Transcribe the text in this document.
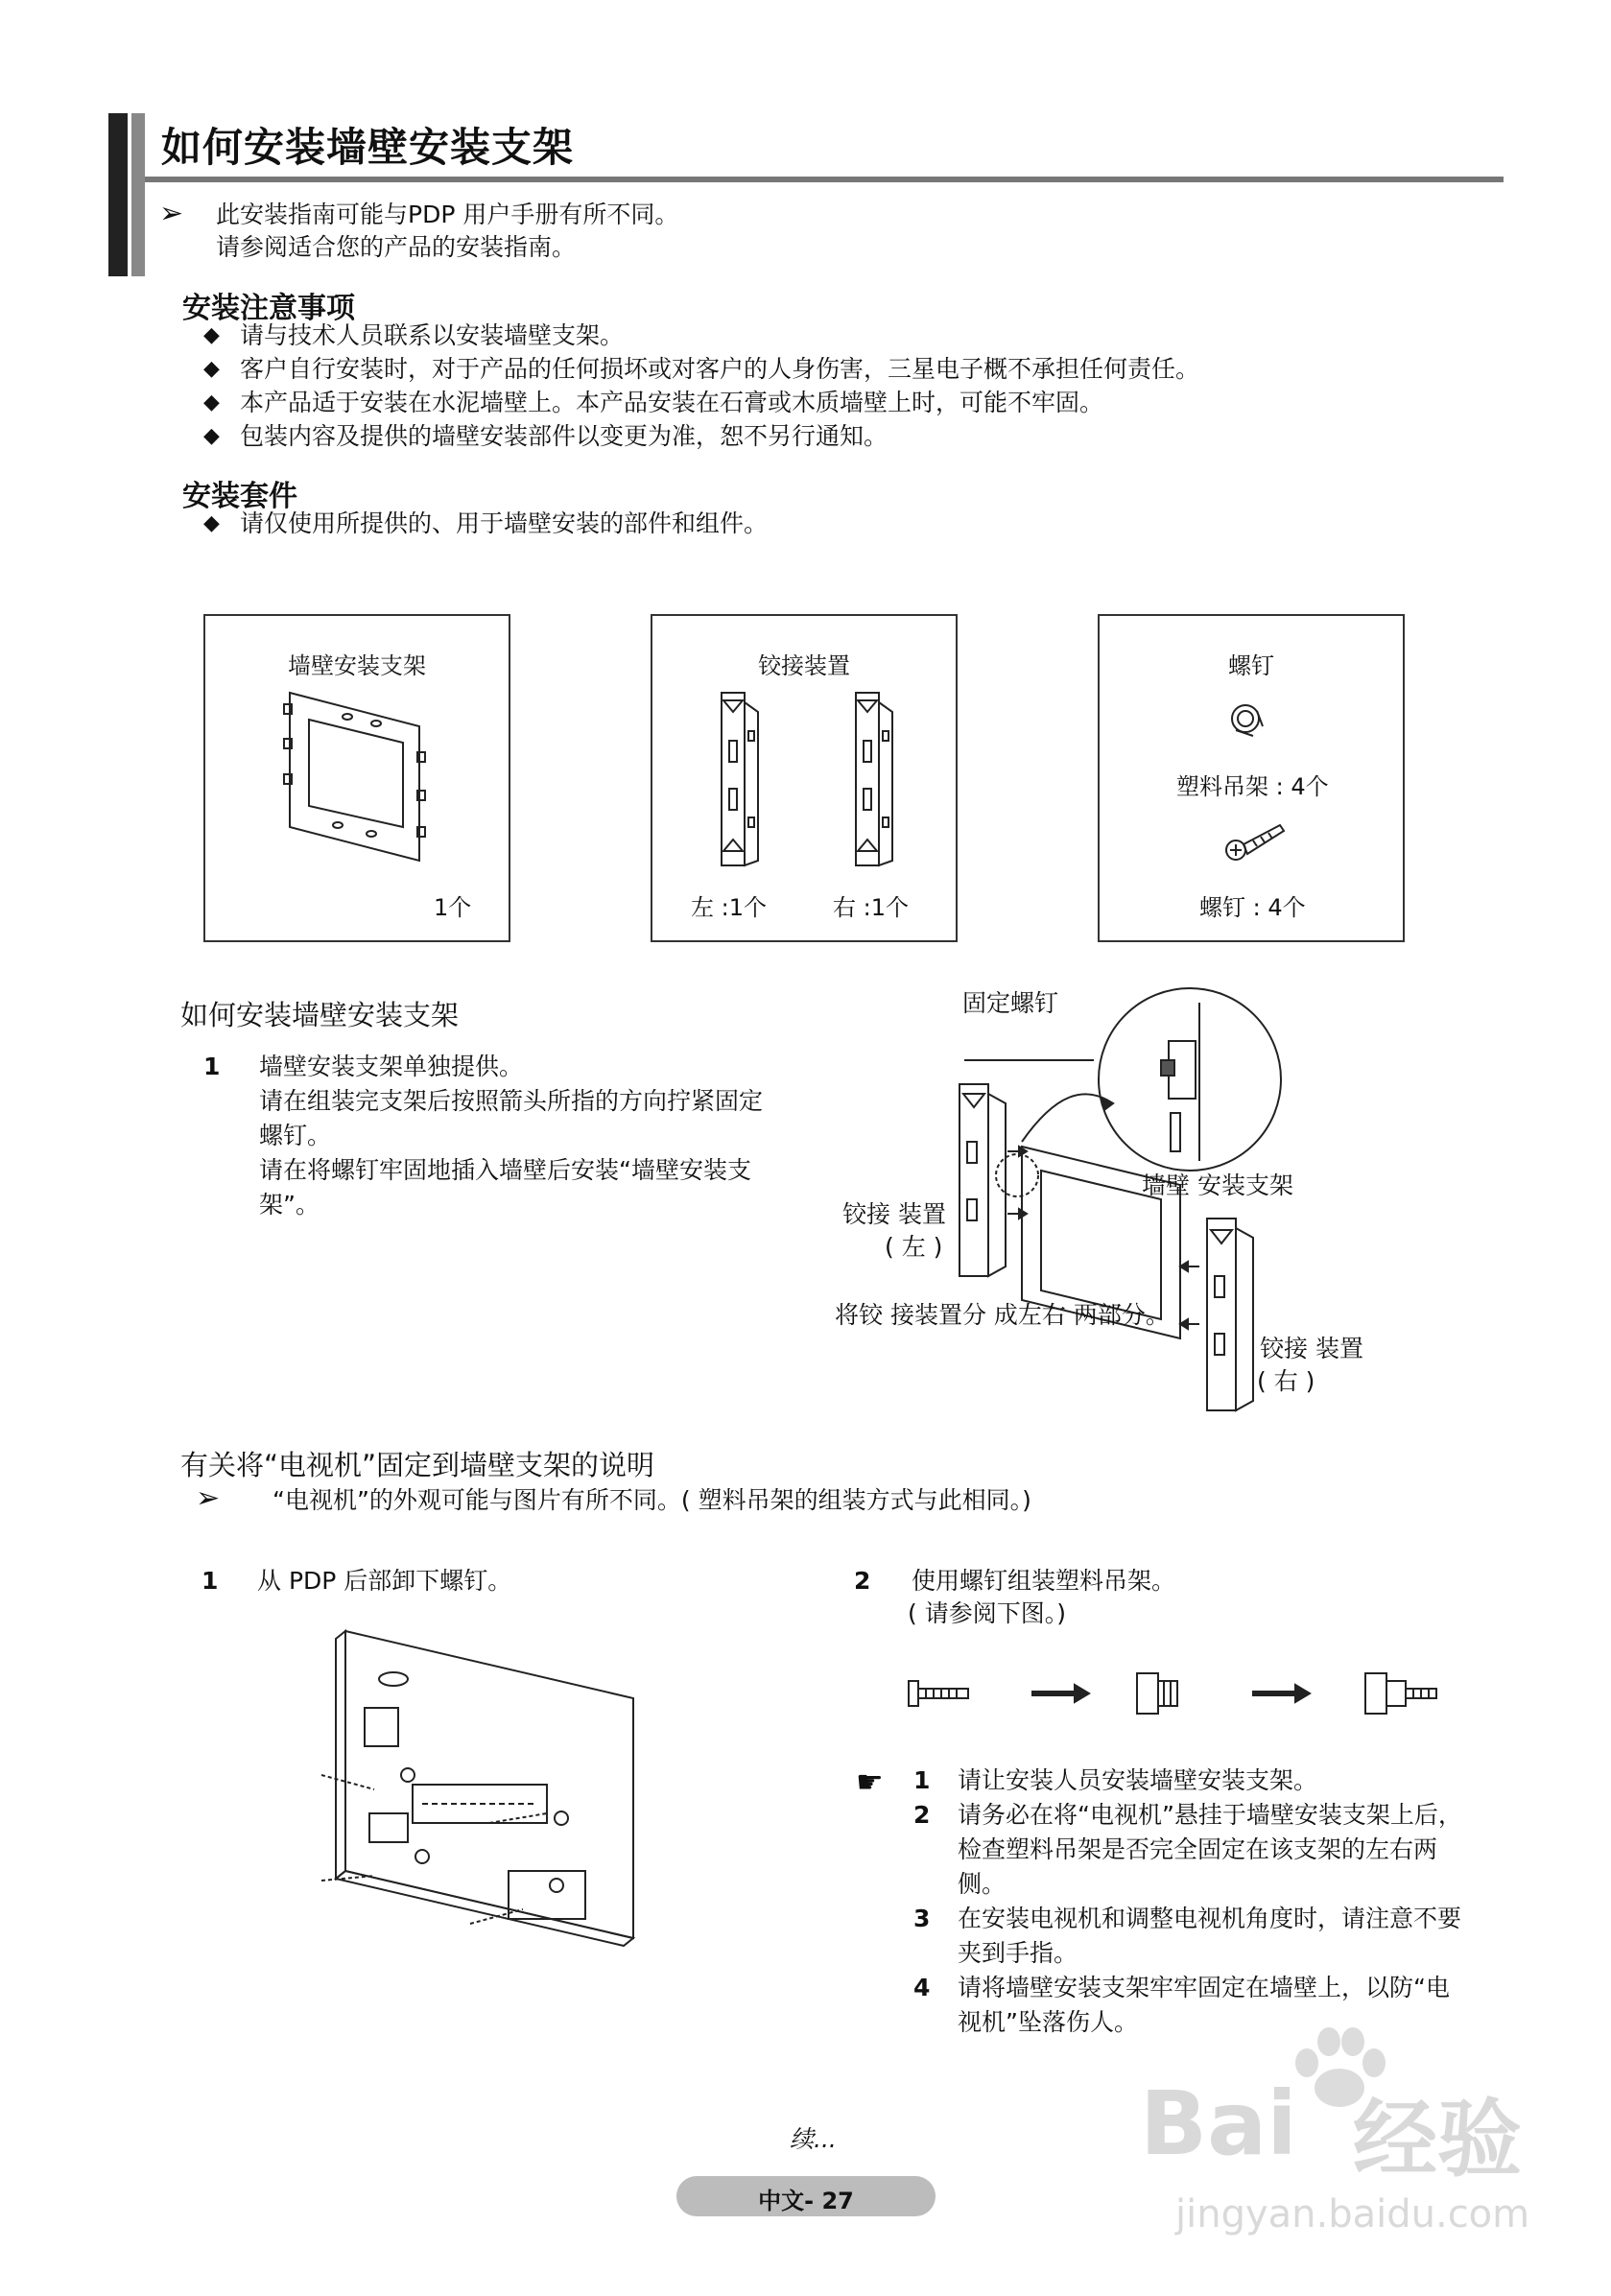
如何安装墙壁安装支架
➢ 此安装指南可能与PDP 用户手册有所不同。
请参阅适合您的产品的安装指南。
安装注意事项
◆ 请与技术人员联系以安装墙壁支架。
◆ 客户自行安装时，对于产品的任何损坏或对客户的人身伤害，三星电子概不承担任何责任。
◆ 本产品适于安装在水泥墙壁上。本产品安装在石膏或木质墙壁上时，可能不牢固。
◆ 包装内容及提供的墙壁安装部件以变更为准，恕不另行通知。
安装套件
◆ 请仅使用所提供的、用于墙壁安装的部件和组件。
墙壁安装支架
1个
铰接装置
左 :1个	右 :1个
螺钉
塑料吊架 : 4个
螺钉 : 4个
如何安装墙壁安装支架
1 墙壁安装支架单独提供。
请在组装完支架后按照箭头所指的方向拧紧固定
螺钉。
请在将螺钉牢固地插入墙壁后安装“墙壁安装支
架”。
固定螺钉
墙壁 安装支架
铰接 装置
( 左 )
将铰 接装置分 成左右 两部分。
铰接 装置
( 右 )
有关将“电视机”固定到墙壁支架的说明
➢ “电视机”的外观可能与图片有所不同。( 塑料吊架的组装方式与此相同。)
1 从 PDP 后部卸下螺钉。	2 使用螺钉组装塑料吊架。
( 请参阅下图。)
☛ 1 请让安装人员安装墙壁安装支架。
2 请务必在将“电视机”悬挂于墙壁安装支架上后，
检查塑料吊架是否完全固定在该支架的左右两
侧。
3 在安装电视机和调整电视机角度时，请注意不要
夹到手指。
4 请将墙壁安装支架牢牢固定在墙壁上，以防“电
视机”坠落伤人。
续...
中文- 27
Bai 经验
jingyan.baidu.com
